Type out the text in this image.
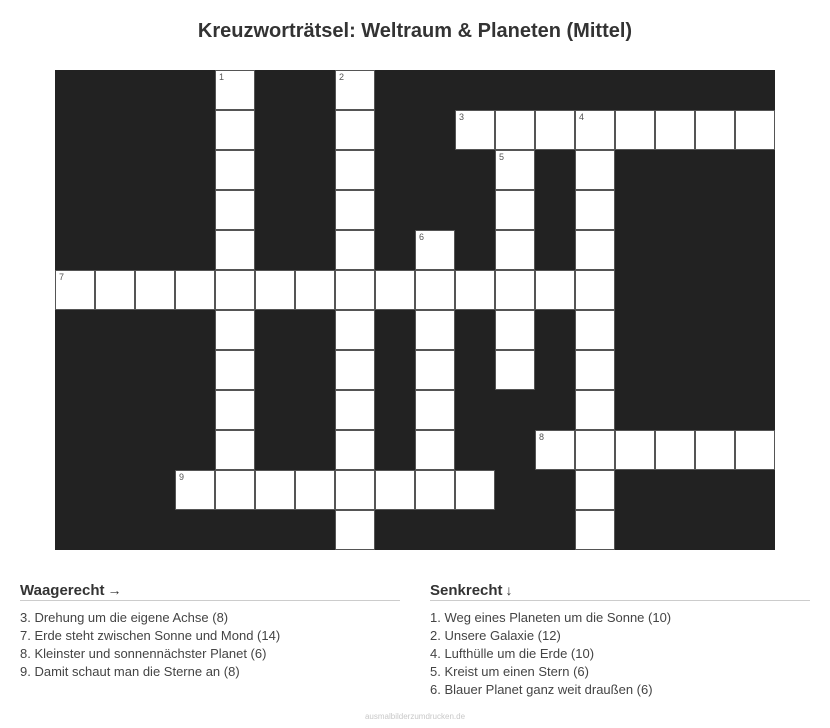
Kreuzworträtsel: Weltraum & Planeten (Mittel)
1	2
3	4
5
6
7
8
9
Waagerecht →
3. Drehung um die eigene Achse (8)
7. Erde steht zwischen Sonne und Mond (14)
8. Kleinster und sonnennächster Planet (6)
9. Damit schaut man die Sterne an (8)
Senkrecht ↓
1. Weg eines Planeten um die Sonne (10)
2. Unsere Galaxie (12)
4. Lufthülle um die Erde (10)
5. Kreist um einen Stern (6)
6. Blauer Planet ganz weit draußen (6)
ausmalbilderzumdrucken.de
